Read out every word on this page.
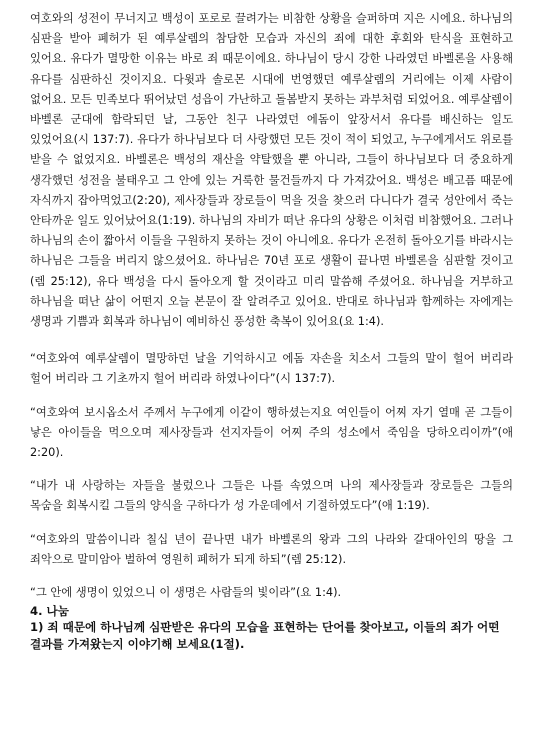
여호와의 성전이 무너지고 백성이 포로로 끌려가는 비참한 상황을 슬퍼하며 지은 시에요. 하나님의 심판을 받아 폐허가 된 예루살렘의 참담한 모습과 자신의 죄에 대한 후회와 탄식을 표현하고 있어요. 유다가 멸망한 이유는 바로 죄 때문이에요. 하나님이 당시 강한 나라였던 바벨론을 사용해 유다를 심판하신 것이지요. 다윗과 솔로몬 시대에 번영했던 예루살렘의 거리에는 이제 사람이 없어요. 모든 민족보다 뛰어났던 성읍이 가난하고 돌봄받지 못하는 과부처럼 되었어요. 예루살렘이 바벨론 군대에 함락되던 날, 그동안 친구 나라였던 에돔이 앞장서서 유다를 배신하는 일도 있었어요(시 137:7). 유다가 하나님보다 더 사랑했던 모든 것이 적이 되었고, 누구에게서도 위로를 받을 수 없었지요. 바벨론은 백성의 재산을 약탈했을 뿐 아니라, 그들이 하나님보다 더 중요하게 생각했던 성전을 불태우고 그 안에 있는 거룩한 물건들까지 다 가져갔어요. 백성은 배고픔 때문에 자식까지 잡아먹었고(2:20), 제사장들과 장로들이 먹을 것을 찾으러 다니다가 결국 성안에서 죽는 안타까운 일도 있어났어요(1:19). 하나님의 자비가 떠난 유다의 상황은 이처럼 비참했어요. 그러나 하나님의 손이 짧아서 이들을 구원하지 못하는 것이 아니에요. 유다가 온전히 돌아오기를 바라시는 하나님은 그들을 버리지 않으셨어요. 하나님은 70년 포로 생활이 끝나면 바벨론을 심판할 것이고(렘 25:12), 유다 백성을 다시 돌아오게 할 것이라고 미리 말씀해 주셨어요. 하나님을 거부하고 하나님을 떠난 삶이 어떤지 오늘 본문이 잘 알려주고 있어요. 반대로 하나님과 함께하는 자에게는 생명과 기쁨과 회복과 하나님이 예비하신 풍성한 축복이 있어요(요 1:4).

“여호와여 예루살렘이 멸망하던 날을 기억하시고 에돔 자손을 치소서 그들의 말이 헐어 버리라 헐어 버리라 그 기초까지 헐어 버리라 하였나이다”(시 137:7).

“여호와여 보시옵소서 주께서 누구에게 이같이 행하셨는지요 여인들이 어찌 자기 열매 곧 그들이 낳은 아이들을 먹으오며 제사장들과 선지자들이 어찌 주의 성소에서 죽임을 당하오리이까”(애 2:20).

“내가 내 사랑하는 자들을 불렀으나 그들은 나를 속였으며 나의 제사장들과 장로들은 그들의 목숨을 회복시킬 그들의 양식을 구하다가 성 가운데에서 기절하였도다”(애 1:19).

“여호와의 말씀이니라 칠십 년이 끝나면 내가 바벨론의 왕과 그의 나라와 갈대아인의 땅을 그 죄악으로 말미암아 벌하여 영원히 폐허가 되게 하되”(렘 25:12).

“그 안에 생명이 있었으니 이 생명은 사람들의 빛이라”(요 1:4).

4. 나눔

1) 죄 때문에 하나님께 심판받은 유다의 모습을 표현하는 단어를 찾아보고, 이들의 죄가 어떤 결과를 가져왔는지 이야기해 보세요(1절).
